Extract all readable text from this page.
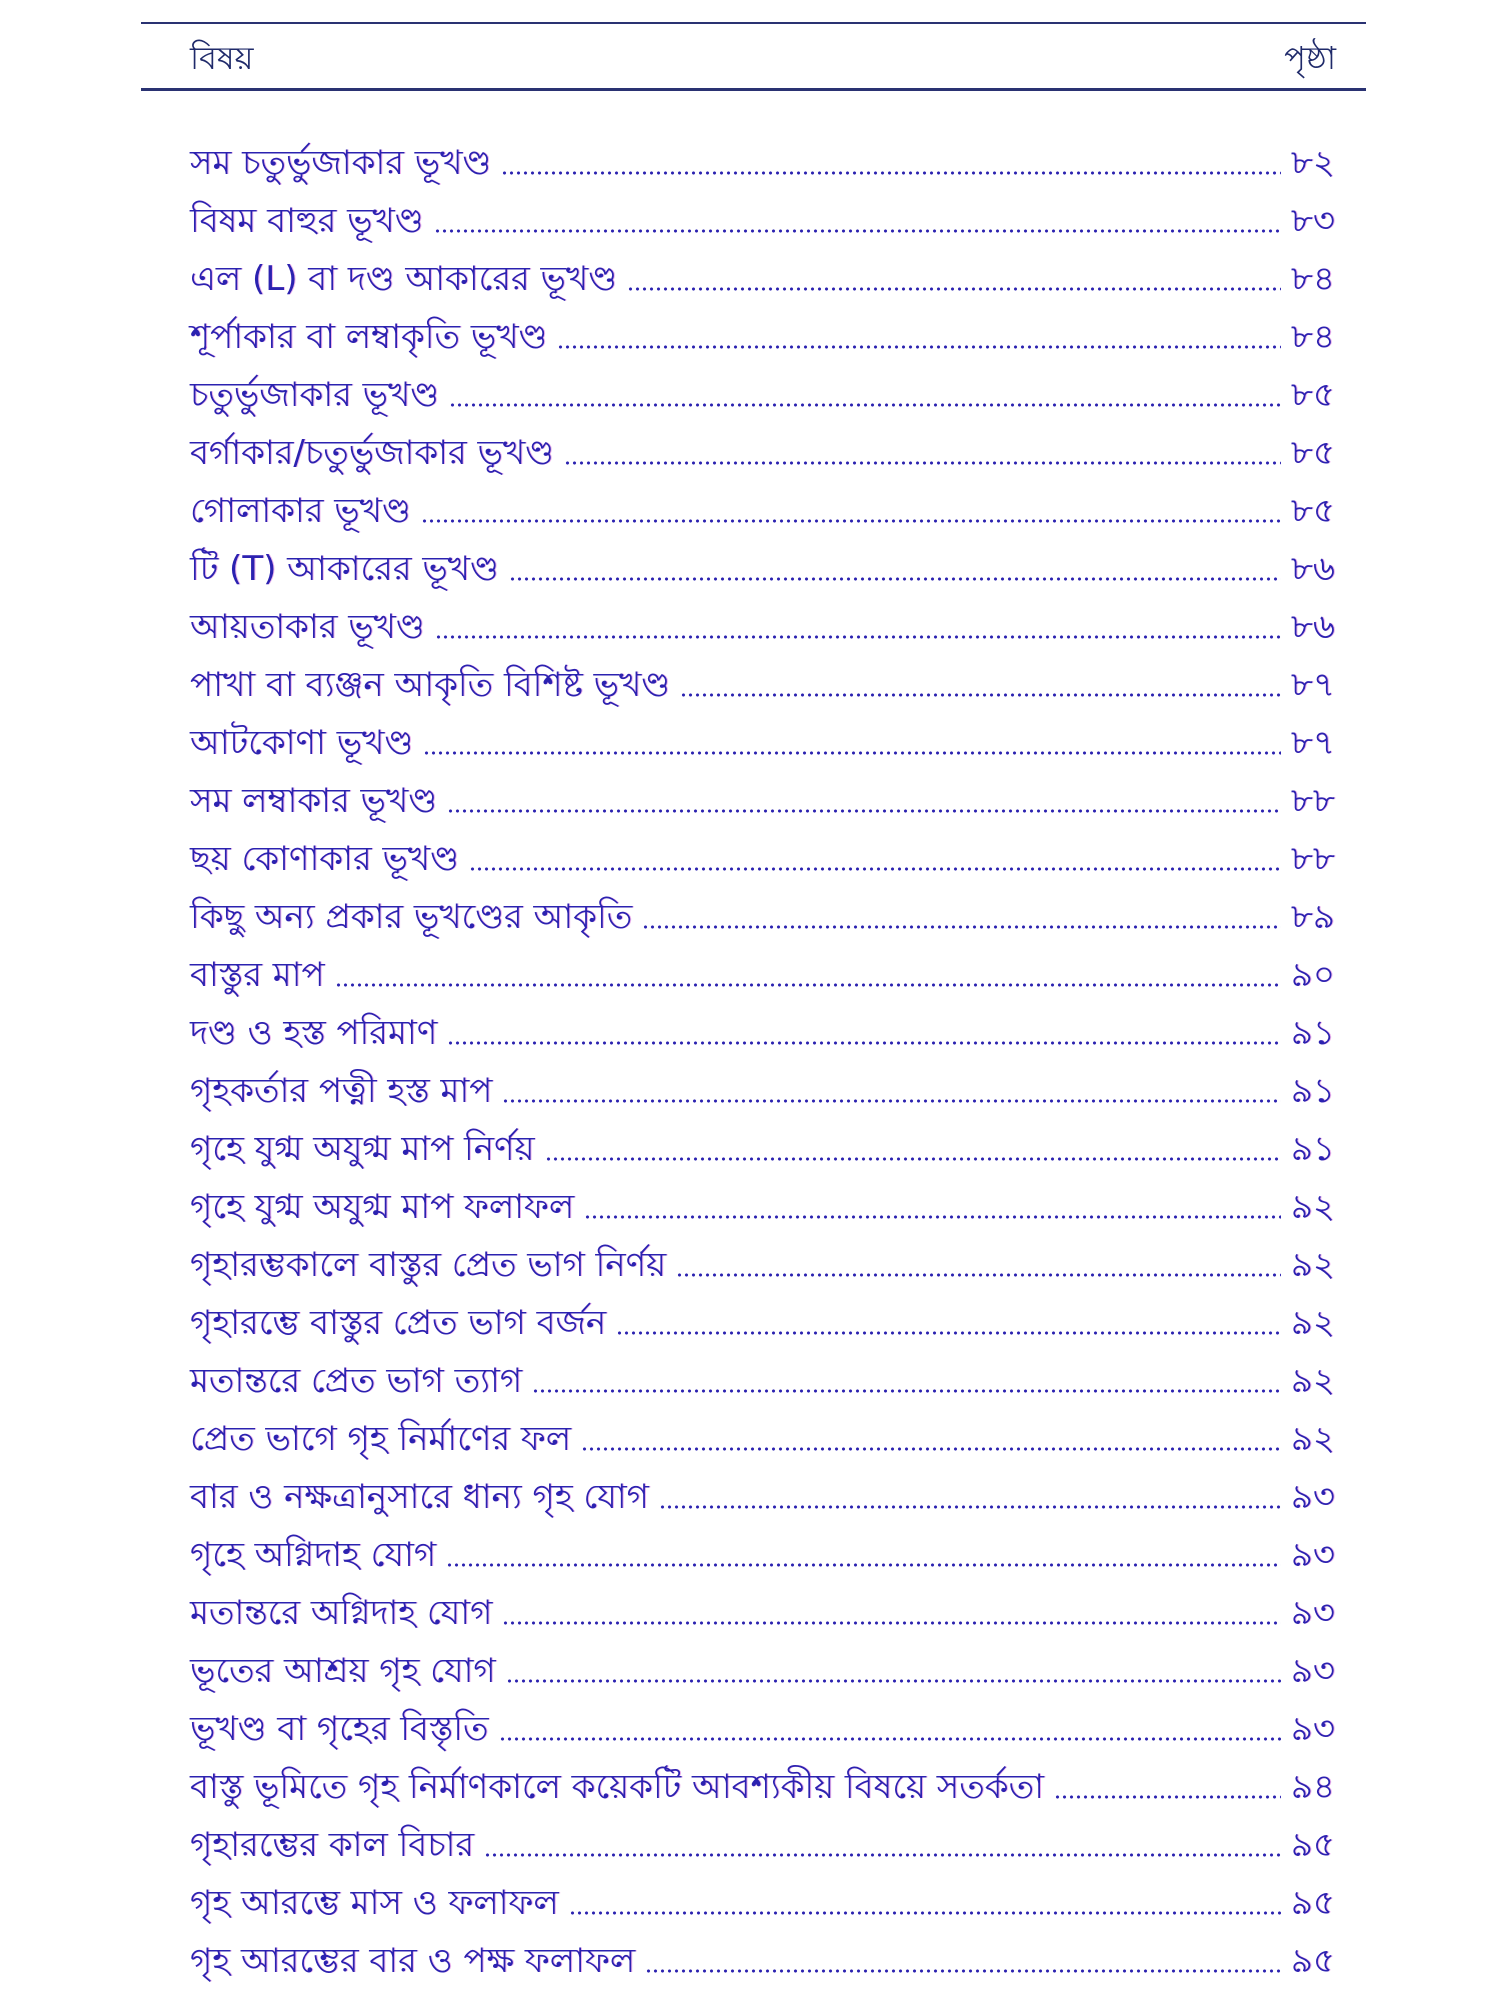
বিষয়	পৃষ্ঠা
সম চতুর্ভুজাকার ভূখণ্ড	৮২
বিষম বাহুর ভূখণ্ড	৮৩
এল (L) বা দণ্ড আকারের ভূখণ্ড	৮৪
শূর্পাকার বা লম্বাকৃতি ভূখণ্ড	৮৪
চতুর্ভুজাকার ভূখণ্ড	৮৫
বর্গাকার/চতুর্ভুজাকার ভূখণ্ড	৮৫
গোলাকার ভূখণ্ড	৮৫
টি (T) আকারের ভূখণ্ড	৮৬
আয়তাকার ভূখণ্ড	৮৬
পাখা বা ব্যঞ্জন আকৃতি বিশিষ্ট ভূখণ্ড	৮৭
আটকোণা ভূখণ্ড	৮৭
সম লম্বাকার ভূখণ্ড	৮৮
ছয় কোণাকার ভূখণ্ড	৮৮
কিছু অন্য প্রকার ভূখণ্ডের আকৃতি	৮৯
বাস্তুর মাপ	৯০
দণ্ড ও হস্ত পরিমাণ	৯১
গৃহকর্তার পত্নী হস্ত মাপ	৯১
গৃহে যুগ্ম অযুগ্ম মাপ নির্ণয়	৯১
গৃহে যুগ্ম অযুগ্ম মাপ ফলাফল	৯২
গৃহারম্ভকালে বাস্তুর প্রেত ভাগ নির্ণয়	৯২
গৃহারম্ভে বাস্তুর প্রেত ভাগ বর্জন	৯২
মতান্তরে প্রেত ভাগ ত্যাগ	৯২
প্রেত ভাগে গৃহ নির্মাণের ফল	৯২
বার ও নক্ষত্রানুসারে ধান্য গৃহ যোগ	৯৩
গৃহে অগ্নিদাহ যোগ	৯৩
মতান্তরে অগ্নিদাহ যোগ	৯৩
ভূতের আশ্রয় গৃহ যোগ	৯৩
ভূখণ্ড বা গৃহের বিস্তৃতি	৯৩
বাস্তু ভূমিতে গৃহ নির্মাণকালে কয়েকটি আবশ্যকীয় বিষয়ে সতর্কতা	৯৪
গৃহারম্ভের কাল বিচার	৯৫
গৃহ আরম্ভে মাস ও ফলাফল	৯৫
গৃহ আরম্ভের বার ও পক্ষ ফলাফল	৯৫
